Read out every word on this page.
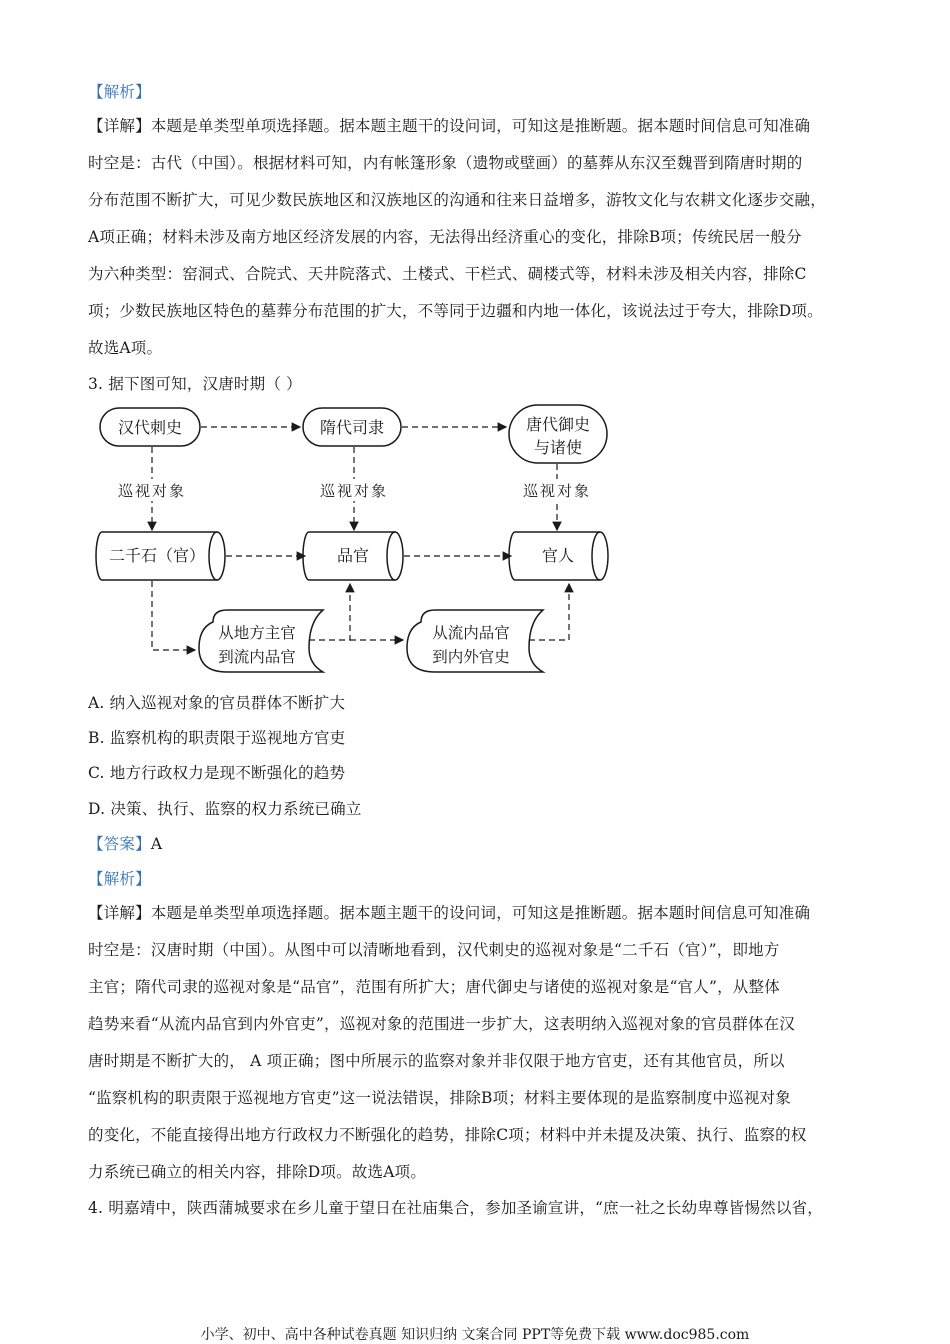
【解析】
【详解】本题是单类型单项选择题。据本题主题干的设问词，可知这是推断题。据本题时间信息可知准确
时空是：古代（中国）。根据材料可知，内有帐篷形象（遗物或壁画）的墓葬从东汉至魏晋到隋唐时期的
分布范围不断扩大，可见少数民族地区和汉族地区的沟通和往来日益增多，游牧文化与农耕文化逐步交融，
A项正确；材料未涉及南方地区经济发展的内容，无法得出经济重心的变化，排除B项；传统民居一般分
为六种类型：窑洞式、合院式、天井院落式、土楼式、干栏式、碉楼式等，材料未涉及相关内容，排除C
项；少数民族地区特色的墓葬分布范围的扩大，不等同于边疆和内地一体化，该说法过于夸大，排除D项。
故选A项。
3. 据下图可知，汉唐时期（ ）
汉代刺史	隋代司隶	唐代御史
与诸使
巡视对象	巡视对象	巡视对象
二千石（官）	品官	官人
从地方主官
到流内品官
从流内品官
到内外官史
A. 纳入巡视对象的官员群体不断扩大
B. 监察机构的职责限于巡视地方官吏
C. 地方行政权力是现不断强化的趋势
D. 决策、执行、监察的权力系统已确立
【答案】A
【解析】
【详解】本题是单类型单项选择题。据本题主题干的设问词，可知这是推断题。据本题时间信息可知准确
时空是：汉唐时期（中国）。从图中可以清晰地看到，汉代刺史的巡视对象是“二千石（官）”，即地方
主官；隋代司隶的巡视对象是“品官”，范围有所扩大；唐代御史与诸使的巡视对象是“官人”，从整体
趋势来看“从流内品官到内外官吏”，巡视对象的范围进一步扩大，这表明纳入巡视对象的官员群体在汉
唐时期是不断扩大的， A 项正确；图中所展示的监察对象并非仅限于地方官吏，还有其他官员，所以
“监察机构的职责限于巡视地方官吏”这一说法错误，排除B项；材料主要体现的是监察制度中巡视对象
的变化，不能直接得出地方行政权力不断强化的趋势，排除C项；材料中并未提及决策、执行、监察的权
力系统已确立的相关内容，排除D项。故选A项。
4. 明嘉靖中，陕西蒲城要求在乡儿童于望日在社庙集合，参加圣谕宣讲，“庶一社之长幼卑尊皆惕然以省，
小学、初中、高中各种试卷真题 知识归纳 文案合同 PPT等免费下载 www.doc985.com
